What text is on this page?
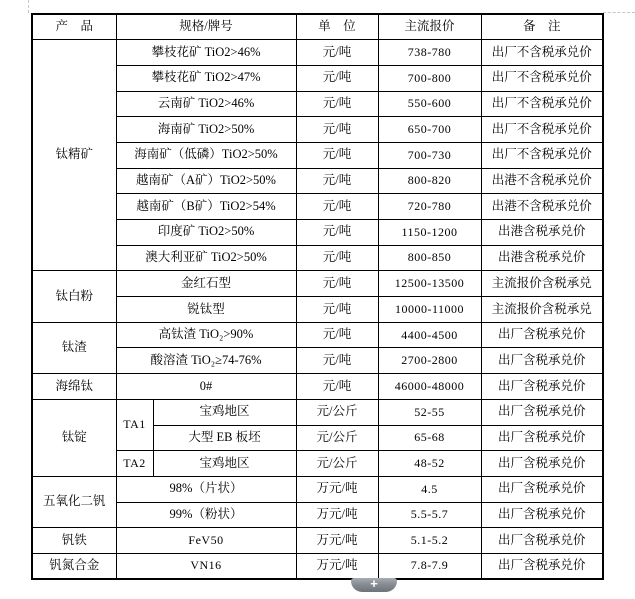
产　品	规格/牌号		单　位	主流报价	备　注
钛精矿	攀枝花矿 TiO2>46%		元/吨	738-780	出厂不含税承兑价
	攀枝花矿 TiO2>47%		元/吨	700-800	出厂不含税承兑价
	云南矿 TiO2>46%		元/吨	550-600	出厂不含税承兑价
	海南矿 TiO2>50%		元/吨	650-700	出厂不含税承兑价
	海南矿（低磷）TiO2>50%		元/吨	700-730	出厂不含税承兑价
	越南矿（A矿）TiO2>50%		元/吨	800-820	出港不含税承兑价
	越南矿（B矿）TiO2>54%		元/吨	720-780	出港不含税承兑价
	印度矿 TiO2>50%		元/吨	1150-1200	出港含税承兑价
	澳大利亚矿 TiO2>50%		元/吨	800-850	出港含税承兑价
钛白粉	金红石型		元/吨	12500-13500	主流报价含税承兑
	锐钛型		元/吨	10000-11000	主流报价含税承兑
钛渣	高钛渣 TiO₂>90%		元/吨	4400-4500	出厂含税承兑价
	酸溶渣 TiO₂≥74-76%		元/吨	2700-2800	出厂含税承兑价
海绵钛	0#		元/吨	46000-48000	出厂含税承兑价
钛锭	TA1	宝鸡地区	元/公斤	52-55	出厂含税承兑价
		大型 EB 板坯	元/公斤	65-68	出厂含税承兑价
	TA2	宝鸡地区	元/公斤	48-52	出厂含税承兑价
五氧化二钒	98%（片状）		万元/吨	4.5	出厂含税承兑价
	99%（粉状）		万元/吨	5.5-5.7	出厂含税承兑价
钒铁	FeV50		万元/吨	5.1-5.2	出厂含税承兑价
钒氮合金	VN16		万元/吨	7.8-7.9	出厂含税承兑价
+
